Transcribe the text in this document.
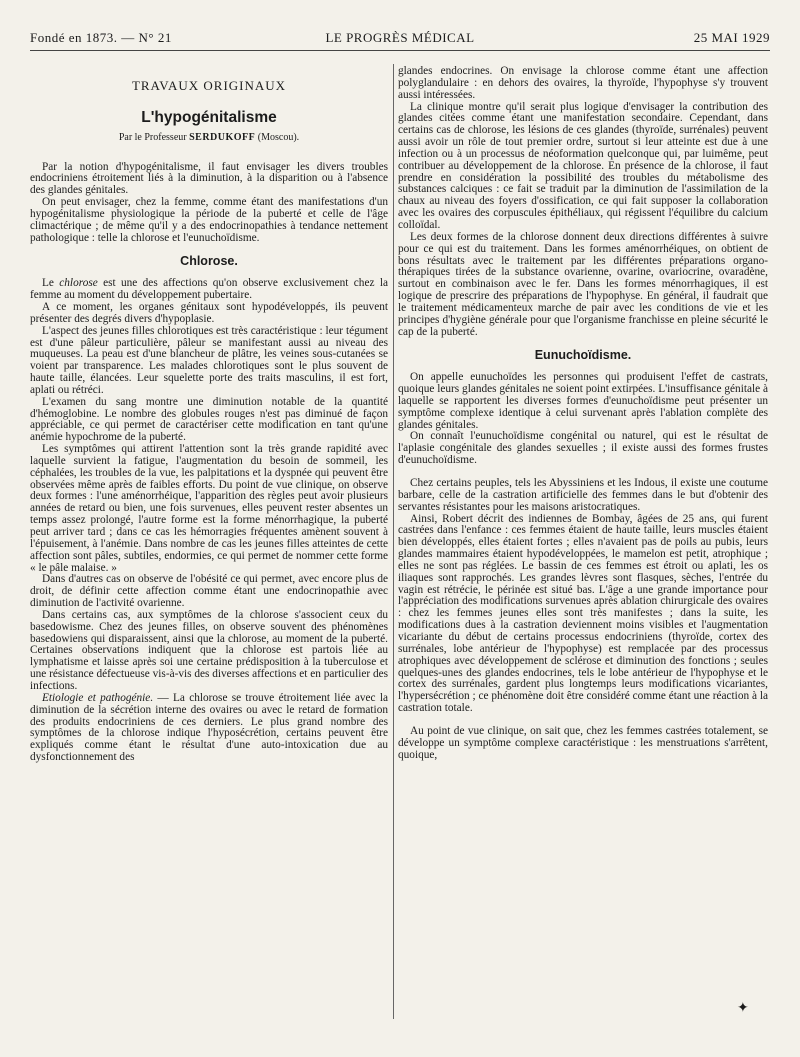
Fondé en 1873. — N° 21	LE PROGRÈS MÉDICAL	25 MAI 1929
TRAVAUX ORIGINAUX
L'hypogénitalisme
Par le Professeur SERDUKOFF (Moscou).

Par la notion d'hypogénitalisme, il faut envisager les divers troubles endocriniens étroitement liés à la diminution, à la disparition ou à l'absence des glandes génitales.

On peut envisager, chez la femme, comme étant des manifestations d'un hypogénitalisme physiologique la période de la puberté et celle de l'âge climactérique ; de même qu'il y a des endocrinopathies à tendance nettement pathologique : telle la chlorose et l'eunuchoïdisme.

Chlorose.

Le chlorose est une des affections qu'on observe exclusivement chez la femme au moment du développement pubertaire.

A ce moment, les organes génitaux sont hypodéveloppés, ils peuvent présenter des degrés divers d'hypoplasie.

L'aspect des jeunes filles chlorotiques est très caractéristique : leur tégument est d'une pâleur particulière, pâleur se manifestant aussi au niveau des muqueuses. La peau est d'une blancheur de plâtre, les veines sous-cutanées se voient par transparence. Les malades chlorotiques sont le plus souvent de haute taille, élancées. Leur squelette porte des traits masculins, il est fort, aplati ou rétréci.

L'examen du sang montre une diminution notable de la quantité d'hémoglobine. Le nombre des globules rouges n'est pas diminué de façon appréciable, ce qui permet de caractériser cette modification en tant qu'une anémie hypochrome de la puberté.

Les symptômes qui attirent l'attention sont la très grande rapidité avec laquelle survient la fatigue, l'augmentation du besoin de sommeil, les céphalées, les troubles de la vue, les palpitations et la dyspnée qui peuvent être observées même après de faibles efforts. Du point de vue clinique, on observe deux formes : l'une aménorrhéique, l'apparition des règles peut avoir plusieurs années de retard ou bien, une fois survenues, elles peuvent rester absentes un temps assez prolongé, l'autre forme est la forme ménorrhagique, la puberté peut arriver tard ; dans ce cas les hémorragies fréquentes amènent souvent à l'épuisement, à l'anémie. Dans nombre de cas les jeunes filles atteintes de cette affection sont pâles, subtiles, endormies, ce qui permet de nommer cette forme « le pâle malaise. »

Dans d'autres cas on observe de l'obésité ce qui permet, avec encore plus de droit, de définir cette affection comme étant une endocrinopathie avec diminution de l'activité ovarienne.

Dans certains cas, aux symptômes de la chlorose s'associent ceux du basedowisme. Chez des jeunes filles, on observe souvent des phénomènes basedowiens qui disparaissent, ainsi que la chlorose, au moment de la puberté. Certaines observations indiquent que la chlorose est partois liée au lymphatisme et laisse après soi une certaine prédisposition à la tuberculose et une résistance défectueuse vis-à-vis des diverses affections et en particulier des infections.

Etiologie et pathogénie. — La chlorose se trouve étroitement liée avec la diminution de la sécrétion interne des ovaires ou avec le retard de formation des produits endocriniens de ces derniers. Le plus grand nombre des symptômes de la chlorose indique l'hyposécrétion, certains peuvent être expliqués comme étant le résultat d'une auto-intoxication due au dysfonctionnement des

glandes endocrines. On envisage la chlorose comme étant une affection polyglandulaire : en dehors des ovaires, la thyroïde, l'hypophyse s'y trouvent aussi intéressées.

La clinique montre qu'il serait plus logique d'envisager la contribution des glandes citées comme étant une manifestation secondaire. Cependant, dans certains cas de chlorose, les lésions de ces glandes (thyroïde, surrénales) peuvent aussi avoir un rôle de tout premier ordre, surtout si leur atteinte est due à une infection ou à un processus de néoformation quelconque qui, par luimême, peut contribuer au développement de la chlorose. En présence de la chlorose, il faut prendre en considération la possibilité des troubles du métabolisme des substances calciques : ce fait se traduit par la diminution de l'assimilation de la chaux au niveau des foyers d'ossification, ce qui fait supposer la collaboration avec les ovaires des corpuscules épithéliaux, qui régissent l'équilibre du calcium colloïdal.

Les deux formes de la chlorose donnent deux directions différentes à suivre pour ce qui est du traitement. Dans les formes aménorrhéiques, on obtient de bons résultats avec le traitement par les différentes préparations organo-thérapiques tirées de la substance ovarienne, ovarine, ovariocrine, ovaradène, surtout en combinaison avec le fer. Dans les formes ménorrhagiques, il est logique de prescrire des préparations de l'hypophyse. En général, il faudrait que le traitement médicamenteux marche de pair avec les conditions de vie et les principes d'hygiène générale pour que l'organisme franchisse en pleine sécurité le cap de la puberté.

Eunuchoïdisme.

On appelle eunuchoïdes les personnes qui produisent l'effet de castrats, quoique leurs glandes génitales ne soient point extirpées. L'insuffisance génitale à laquelle se rapportent les diverses formes d'eunuchoïdisme peut présenter un symptôme complexe identique à celui survenant après l'ablation complète des glandes génitales.

On connaît l'eunuchoïdisme congénital ou naturel, qui est le résultat de l'aplasie congénitale des glandes sexuelles ; il existe aussi des formes frustes d'eunuchoïdisme.

Chez certains peuples, tels les Abyssiniens et les Indous, il existe une coutume barbare, celle de la castration artificielle des femmes dans le but d'obtenir des servantes résistantes pour les maisons aristocratiques.

Ainsi, Robert décrit des indiennes de Bombay, âgées de 25 ans, qui furent castrées dans l'enfance : ces femmes étaient de haute taille, leurs muscles étaient bien développés, elles étaient fortes ; elles n'avaient pas de poils au pubis, leurs glandes mammaires étaient hypodéveloppées, le mamelon est petit, atrophique ; elles ne sont pas réglées. Le bassin de ces femmes est étroit ou aplati, les os iliaques sont rapprochés. Les grandes lèvres sont flasques, sèches, l'entrée du vagin est rétrécie, le périnée est situé bas. L'âge a une grande importance pour l'appréciation des modifications survenues après ablation chirurgicale des ovaires : chez les femmes jeunes elles sont très manifestes ; dans la suite, les modifications dues à la castration deviennent moins visibles et l'augmentation vicariante du début de certains processus endocriniens (thyroïde, cortex des surrénales, lobe antérieur de l'hypophyse) est remplacée par des processus atrophiques avec développement de sclérose et diminution des fonctions ; seules quelques-unes des glandes endocrines, tels le lobe antérieur de l'hypophyse et le cortex des surrénales, gardent plus longtemps leurs modifications vicariantes, l'hypersécrétion ; ce phénomène doit être considéré comme étant une réaction à la castration totale.

Au point de vue clinique, on sait que, chez les femmes castrées totalement, se développe un symptôme complexe caractéristique : les menstruations s'arrêtent, quoique,

✦
